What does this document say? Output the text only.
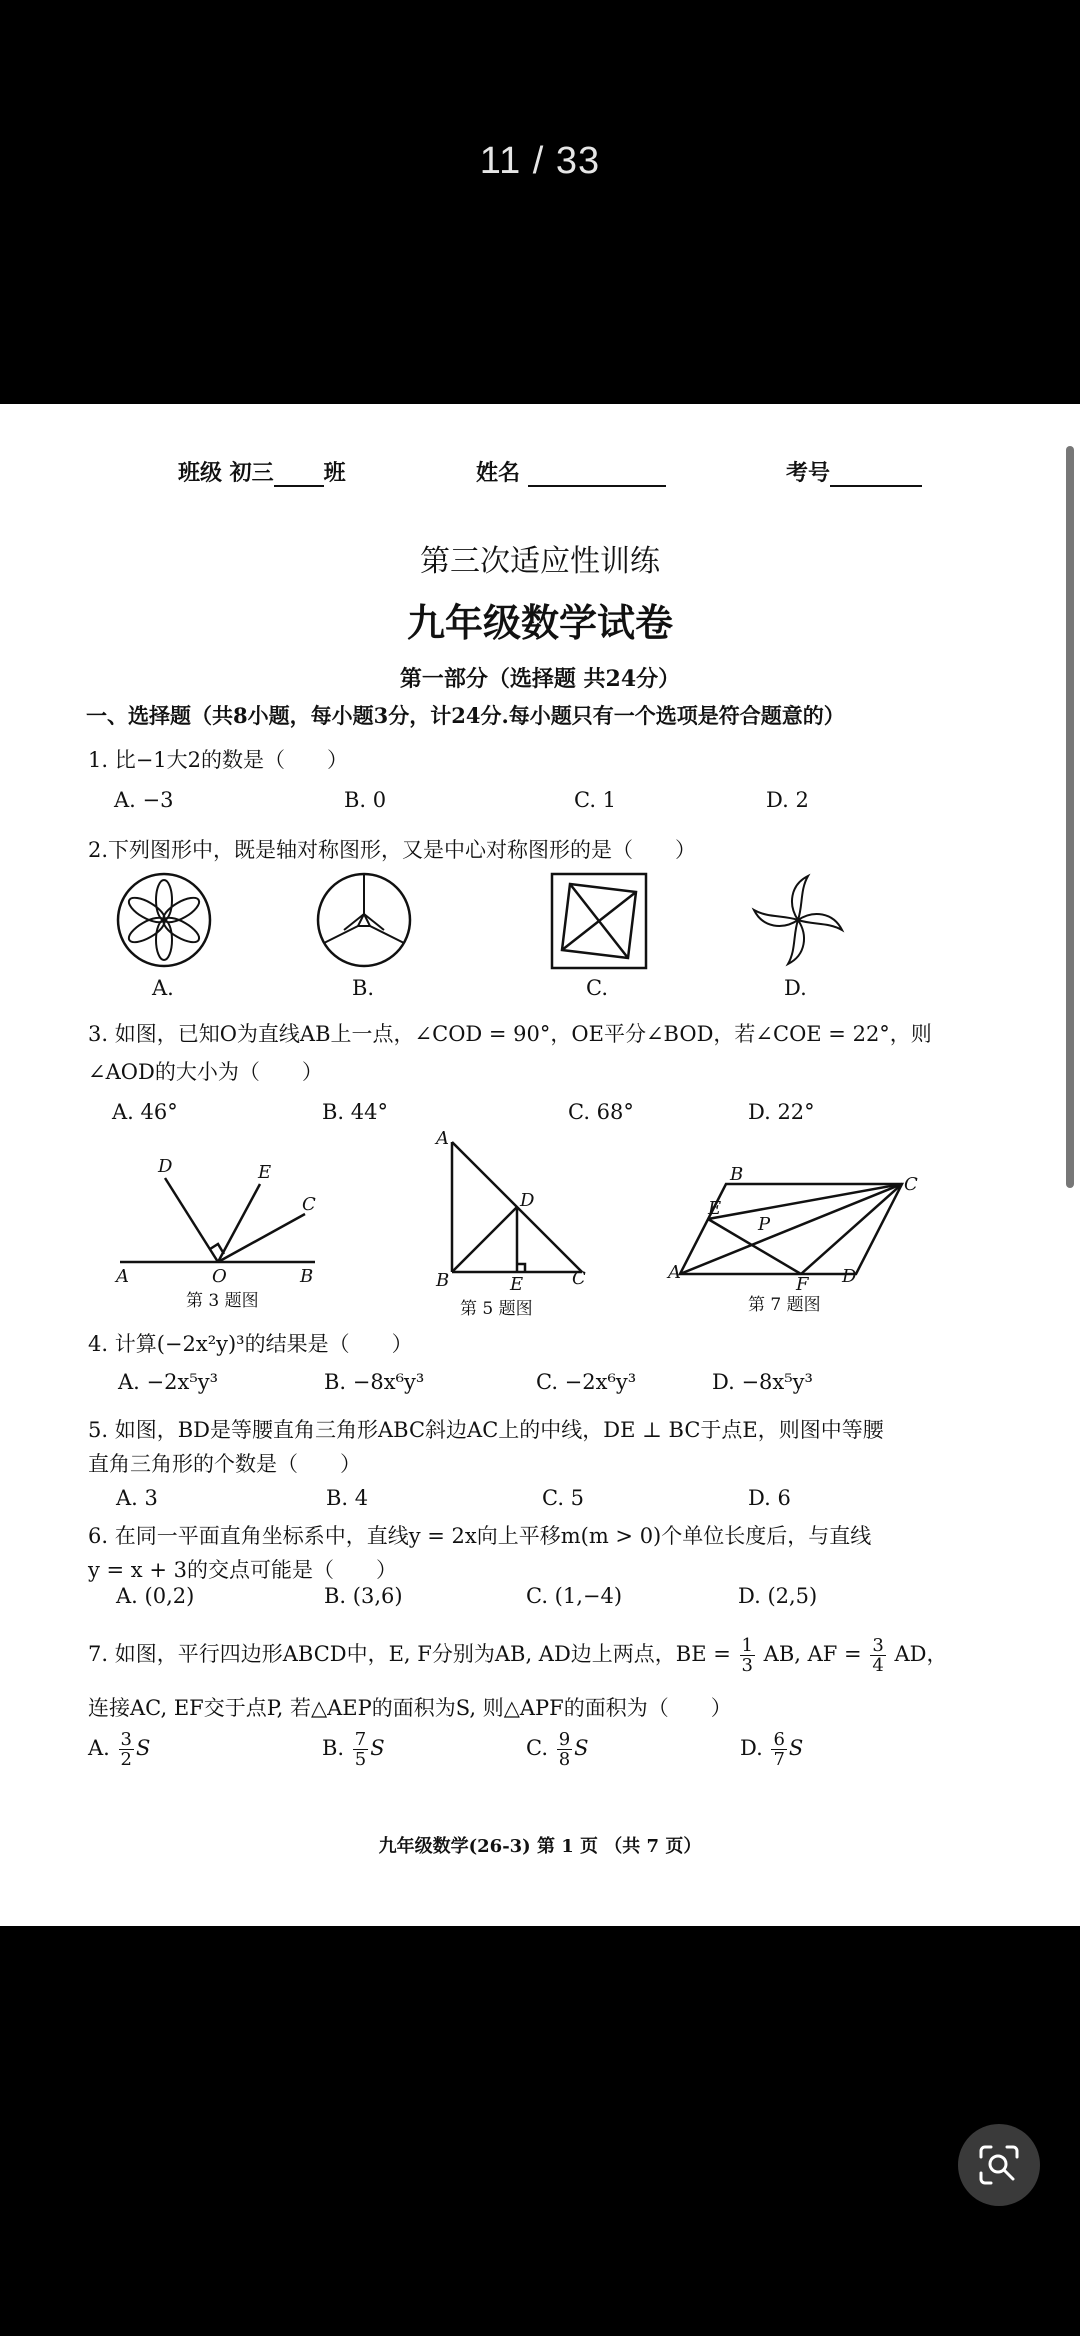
11 / 33
班级 初三 班	姓名	考号
第三次适应性训练
九年级数学试卷
第一部分（选择题 共24分）
一、选择题（共8小题，每小题3分，计24分.每小题只有一个选项是符合题意的）
1. 比−1大2的数是（　　）
A. −3	B. 0	C. 1	D. 2
2.下列图形中，既是轴对称图形，又是中心对称图形的是（　　）
A.	B.	C.	D.
3. 如图，已知O为直线AB上一点，∠COD = 90°，OE平分∠BOD，若∠COE = 22°，则
∠AOD的大小为（　　）
A. 46°	B. 44°	C. 68°	D. 22°
D	E
C
A	O	B
第 3 题图
A
D
B	E	C
第 5 题图
B	C
E
P
A
F D
第 7 题图
4. 计算(−2x²y)³的结果是（　　）
A. −2x⁵y³	B. −8x⁶y³	C. −2x⁶y³	D. −8x⁵y³
5. 如图，BD是等腰直角三角形ABC斜边AC上的中线，DE ⊥ BC于点E，则图中等腰
直角三角形的个数是（　　）
A. 3	B. 4	C. 5	D. 6
6. 在同一平面直角坐标系中，直线y = 2x向上平移m(m > 0)个单位长度后，与直线
y = x + 3的交点可能是（　　）
A. (0,2)	B. (3,6)	C. (1,−4)	D. (2,5)
7. 如图，平行四边形ABCD中，E, F分别为AB, AD边上两点，BE = $\frac{1}{3}$ AB, AF = $\frac{3}{4}$ AD，
连接AC, EF交于点P, 若△AEP的面积为S, 则△APF的面积为（　　）
A. $\frac{3}{2}$ S	B. $\frac{7}{5}$ S	C. $\frac{9}{8}$ S	D. $\frac{6}{7}$ S
九年级数学(26-3) 第 1 页 （共 7 页）
